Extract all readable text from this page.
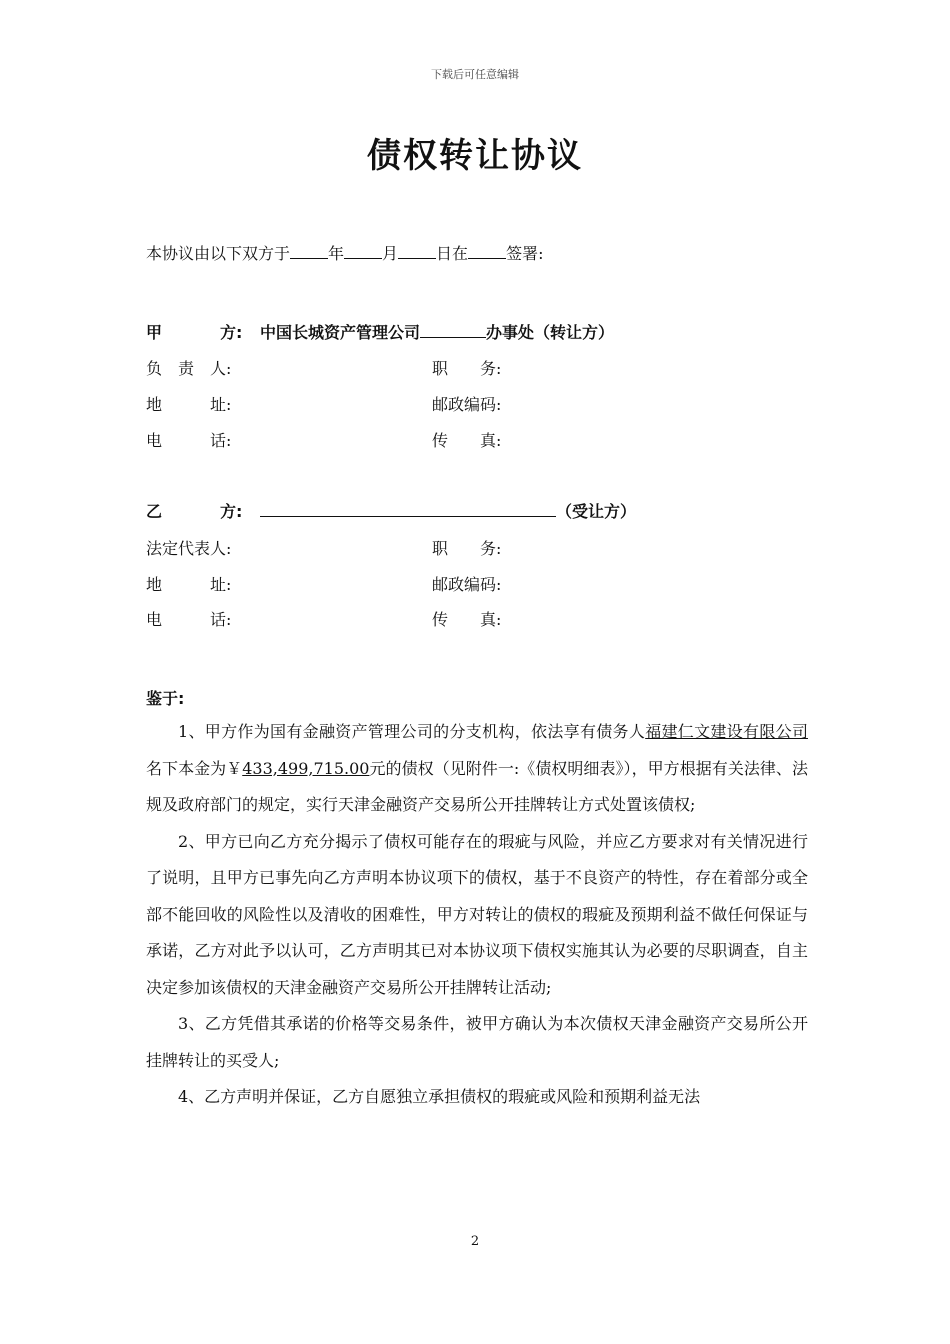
下载后可任意编辑
债权转让协议
本协议由以下双方于 年 月 日在 签署:
甲	方: 中国长城资产管理公司	办事处（转让方）
负　责　人:	职　　务:
地　　　址:	邮政编码:
电　　　话:	传　　真:
乙	方:	（受让方）
法定代表人:	职　　务:
地　　　址:	邮政编码:
电　　　话:	传　　真:
鉴于:

1、甲方作为国有金融资产管理公司的分支机构，依法享有债务人福建仁文建设有限公司名下本金为￥433,499,715.00元的债权（见附件一:《债权明细表》），甲方根据有关法律、法规及政府部门的规定，实行天津金融资产交易所公开挂牌转让方式处置该债权;

2、甲方已向乙方充分揭示了债权可能存在的瑕疵与风险，并应乙方要求对有关情况进行了说明，且甲方已事先向乙方声明本协议项下的债权，基于不良资产的特性，存在着部分或全部不能回收的风险性以及清收的困难性，甲方对转让的债权的瑕疵及预期利益不做任何保证与承诺，乙方对此予以认可，乙方声明其已对本协议项下债权实施其认为必要的尽职调查，自主决定参加该债权的天津金融资产交易所公开挂牌转让活动;

3、乙方凭借其承诺的价格等交易条件，被甲方确认为本次债权天津金融资产交易所公开挂牌转让的买受人;

4、乙方声明并保证，乙方自愿独立承担债权的瑕疵或风险和预期利益无法

2
